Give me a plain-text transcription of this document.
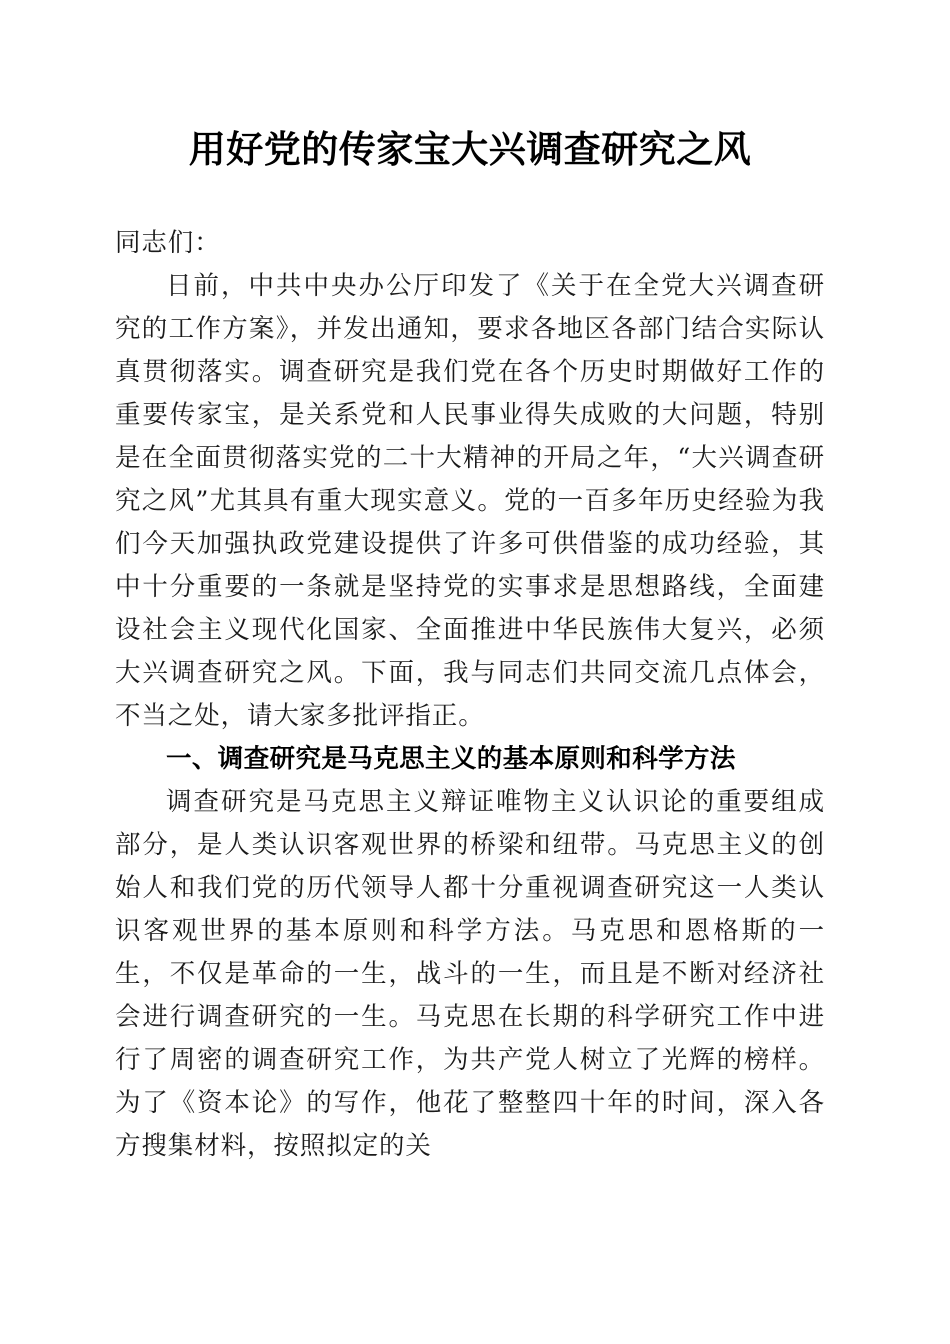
用好党的传家宝大兴调查研究之风

同志们：

日前，中共中央办公厅印发了《关于在全党大兴调查研究的工作方案》，并发出通知，要求各地区各部门结合实际认真贯彻落实。调查研究是我们党在各个历史时期做好工作的重要传家宝，是关系党和人民事业得失成败的大问题，特别是在全面贯彻落实党的二十大精神的开局之年，“大兴调查研究之风”尤其具有重大现实意义。党的一百多年历史经验为我们今天加强执政党建设提供了许多可供借鉴的成功经验，其中十分重要的一条就是坚持党的实事求是思想路线，全面建设社会主义现代化国家、全面推进中华民族伟大复兴，必须大兴调查研究之风。下面，我与同志们共同交流几点体会，不当之处，请大家多批评指正。

一、调查研究是马克思主义的基本原则和科学方法

调查研究是马克思主义辩证唯物主义认识论的重要组成部分，是人类认识客观世界的桥梁和纽带。马克思主义的创始人和我们党的历代领导人都十分重视调查研究这一人类认识客观世界的基本原则和科学方法。马克思和恩格斯的一生，不仅是革命的一生，战斗的一生，而且是不断对经济社会进行调查研究的一生。马克思在长期的科学研究工作中进行了周密的调查研究工作，为共产党人树立了光辉的榜样。为了《资本论》的写作，他花了整整四十年的时间，深入各方搜集材料，按照拟定的关
